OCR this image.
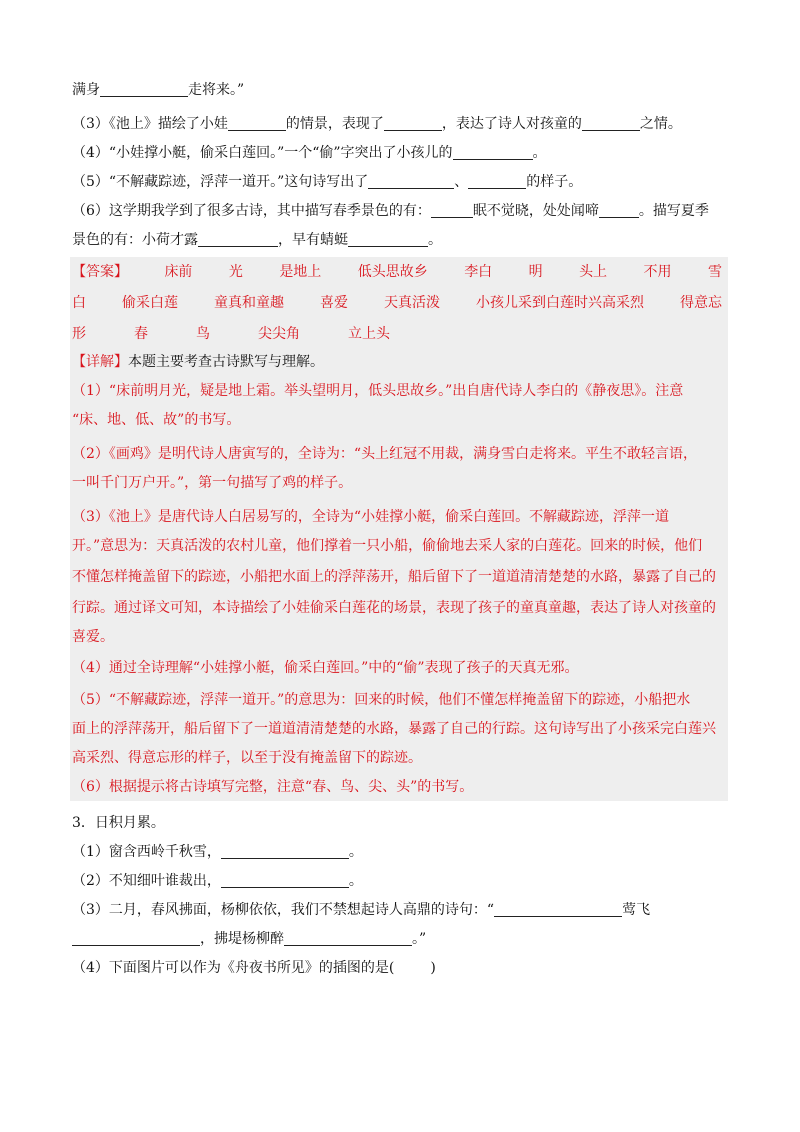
满身	走将来。”
（3）《池上》描绘了小娃	的情景，表现了	，表达了诗人对孩童的	之情。
（4）“小娃撑小艇，偷采白莲回。”一个“偷”字突出了小孩儿的	。
（5）“不解藏踪迹，浮萍一道开。”这句诗写出了	、	的样子。
（6）这学期我学到了很多古诗，其中描写春季景色的有：	眠不觉晓，处处闻啼	。描写夏季
景色的有：小荷才露	，早有蜻蜓	。
【答案】	床前	光	是地上	低头思故乡	李白	明	头上	不用	雪
白	偷采白莲	童真和童趣	喜爱	天真活泼	小孩儿采到白莲时兴高采烈	得意忘
形	春	鸟	尖尖角	立上头
【详解】本题主要考查古诗默写与理解。
（1）“床前明月光，疑是地上霜。举头望明月，低头思故乡。”出自唐代诗人李白的《静夜思》。注意
“床、地、低、故”的书写。
（2）《画鸡》是明代诗人唐寅写的，全诗为：“头上红冠不用裁，满身雪白走将来。平生不敢轻言语，
一叫千门万户开。”，第一句描写了鸡的样子。
（3）《池上》是唐代诗人白居易写的，全诗为“小娃撑小艇，偷采白莲回。不解藏踪迹，浮萍一道
开。”意思为：天真活泼的农村儿童，他们撑着一只小船，偷偷地去采人家的白莲花。回来的时候，他们
不懂怎样掩盖留下的踪迹，小船把水面上的浮萍荡开，船后留下了一道道清清楚楚的水路，暴露了自己的
行踪。通过译文可知，本诗描绘了小娃偷采白莲花的场景，表现了孩子的童真童趣，表达了诗人对孩童的
喜爱。
（4）通过全诗理解“小娃撑小艇，偷采白莲回。”中的“偷”表现了孩子的天真无邪。
（5）“不解藏踪迹，浮萍一道开。”的意思为：回来的时候，他们不懂怎样掩盖留下的踪迹，小船把水
面上的浮萍荡开，船后留下了一道道清清楚楚的水路，暴露了自己的行踪。这句诗写出了小孩采完白莲兴
高采烈、得意忘形的样子，以至于没有掩盖留下的踪迹。
（6）根据提示将古诗填写完整，注意“春、鸟、尖、头”的书写。
3．日积月累。
（1）窗含西岭千秋雪，	。
（2）不知细叶谁裁出，	。
（3）二月，春风拂面，杨柳依依，我们不禁想起诗人高鼎的诗句：“	莺飞
，拂堤杨柳醉	。”
（4）下面图片可以作为《舟夜书所见》的插图的是(	)
